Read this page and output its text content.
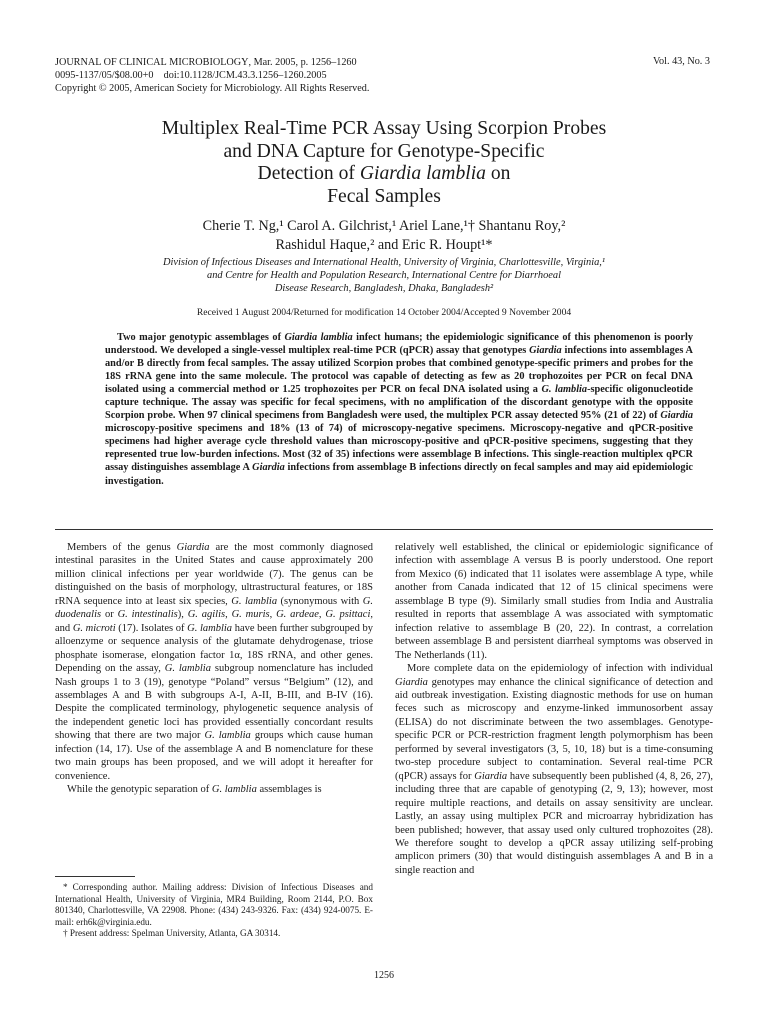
JOURNAL OF CLINICAL MICROBIOLOGY, Mar. 2005, p. 1256–1260
0095-1137/05/$08.00+0    doi:10.1128/JCM.43.3.1256–1260.2005
Copyright © 2005, American Society for Microbiology. All Rights Reserved.
Vol. 43, No. 3
Multiplex Real-Time PCR Assay Using Scorpion Probes
and DNA Capture for Genotype-Specific
Detection of Giardia lamblia on
Fecal Samples
Cherie T. Ng,¹ Carol A. Gilchrist,¹ Ariel Lane,¹† Shantanu Roy,²
Rashidul Haque,² and Eric R. Houpt¹*
Division of Infectious Diseases and International Health, University of Virginia, Charlottesville, Virginia,¹
and Centre for Health and Population Research, International Centre for Diarrhoeal
Disease Research, Bangladesh, Dhaka, Bangladesh²
Received 1 August 2004/Returned for modification 14 October 2004/Accepted 9 November 2004
Two major genotypic assemblages of Giardia lamblia infect humans; the epidemiologic significance of this phenomenon is poorly understood. We developed a single-vessel multiplex real-time PCR (qPCR) assay that genotypes Giardia infections into assemblages A and/or B directly from fecal samples. The assay utilized Scorpion probes that combined genotype-specific primers and probes for the 18S rRNA gene into the same molecule. The protocol was capable of detecting as few as 20 trophozoites per PCR on fecal DNA isolated using a commercial method or 1.25 trophozoites per PCR on fecal DNA isolated using a G. lamblia-specific oligonucleotide capture technique. The assay was specific for fecal specimens, with no amplification of the discordant genotype with the opposite Scorpion probe. When 97 clinical specimens from Bangladesh were used, the multiplex PCR assay detected 95% (21 of 22) of Giardia microscopy-positive specimens and 18% (13 of 74) of microscopy-negative specimens. Microscopy-negative and qPCR-positive specimens had higher average cycle threshold values than microscopy-positive and qPCR-positive specimens, suggesting that they represented true low-burden infections. Most (32 of 35) infections were assemblage B infections. This single-reaction multiplex qPCR assay distinguishes assemblage A Giardia infections from assemblage B infections directly on fecal samples and may aid epidemiologic investigation.

Members of the genus Giardia are the most commonly diagnosed intestinal parasites in the United States and cause approximately 200 million clinical infections per year worldwide (7). The genus can be distinguished on the basis of morphology, ultrastructural features, or 18S rRNA sequence into at least six species, G. lamblia (synonymous with G. duodenalis or G. intestinalis), G. agilis, G. muris, G. ardeae, G. psittaci, and G. microti (17). Isolates of G. lamblia have been further subgrouped by alloenzyme or sequence analysis of the glutamate dehydrogenase, triose phosphate isomerase, elongation factor 1α, 18S rRNA, and other genes. Depending on the assay, G. lamblia subgroup nomenclature has included Nash groups 1 to 3 (19), genotype “Poland” versus “Belgium” (12), and assemblages A and B with subgroups A-I, A-II, B-III, and B-IV (16). Despite the complicated terminology, phylogenetic sequence analysis of the independent genetic loci has provided essentially concordant results showing that there are two major G. lamblia groups which cause human infection (14, 17). Use of the assemblage A and B nomenclature for these two main groups has been proposed, and we will adopt it hereafter for convenience.

While the genotypic separation of G. lamblia assemblages is

* Corresponding author. Mailing address: Division of Infectious Diseases and International Health, University of Virginia, MR4 Building, Room 2144, P.O. Box 801340, Charlottesville, VA 22908. Phone: (434) 243-9326. Fax: (434) 924-0075. E-mail: erh6k@virginia.edu.

† Present address: Spelman University, Atlanta, GA 30314.

relatively well established, the clinical or epidemiologic significance of infection with assemblage A versus B is poorly understood. One report from Mexico (6) indicated that 11 isolates were assemblage A type, while another from Canada indicated that 12 of 15 clinical specimens were assemblage B type (9). Similarly small studies from India and Australia resulted in reports that assemblage A was associated with symptomatic infection relative to assemblage B (20, 22). In contrast, a correlation between assemblage B and persistent diarrheal symptoms was observed in The Netherlands (11).

More complete data on the epidemiology of infection with individual Giardia genotypes may enhance the clinical significance of detection and aid outbreak investigation. Existing diagnostic methods for use on human feces such as microscopy and enzyme-linked immunosorbent assay (ELISA) do not discriminate between the two assemblages. Genotype-specific PCR or PCR-restriction fragment length polymorphism has been performed by several investigators (3, 5, 10, 18) but is a time-consuming two-step procedure subject to contamination. Several real-time PCR (qPCR) assays for Giardia have subsequently been published (4, 8, 26, 27), including three that are capable of genotyping (2, 9, 13); however, most require multiple reactions, and details on assay sensitivity are unclear. Lastly, an assay using multiplex PCR and microarray hybridization has been published; however, that assay used only cultured trophozoites (28). We therefore sought to develop a qPCR assay utilizing self-probing amplicon primers (30) that would distinguish assemblages A and B in a single reaction and

1256
